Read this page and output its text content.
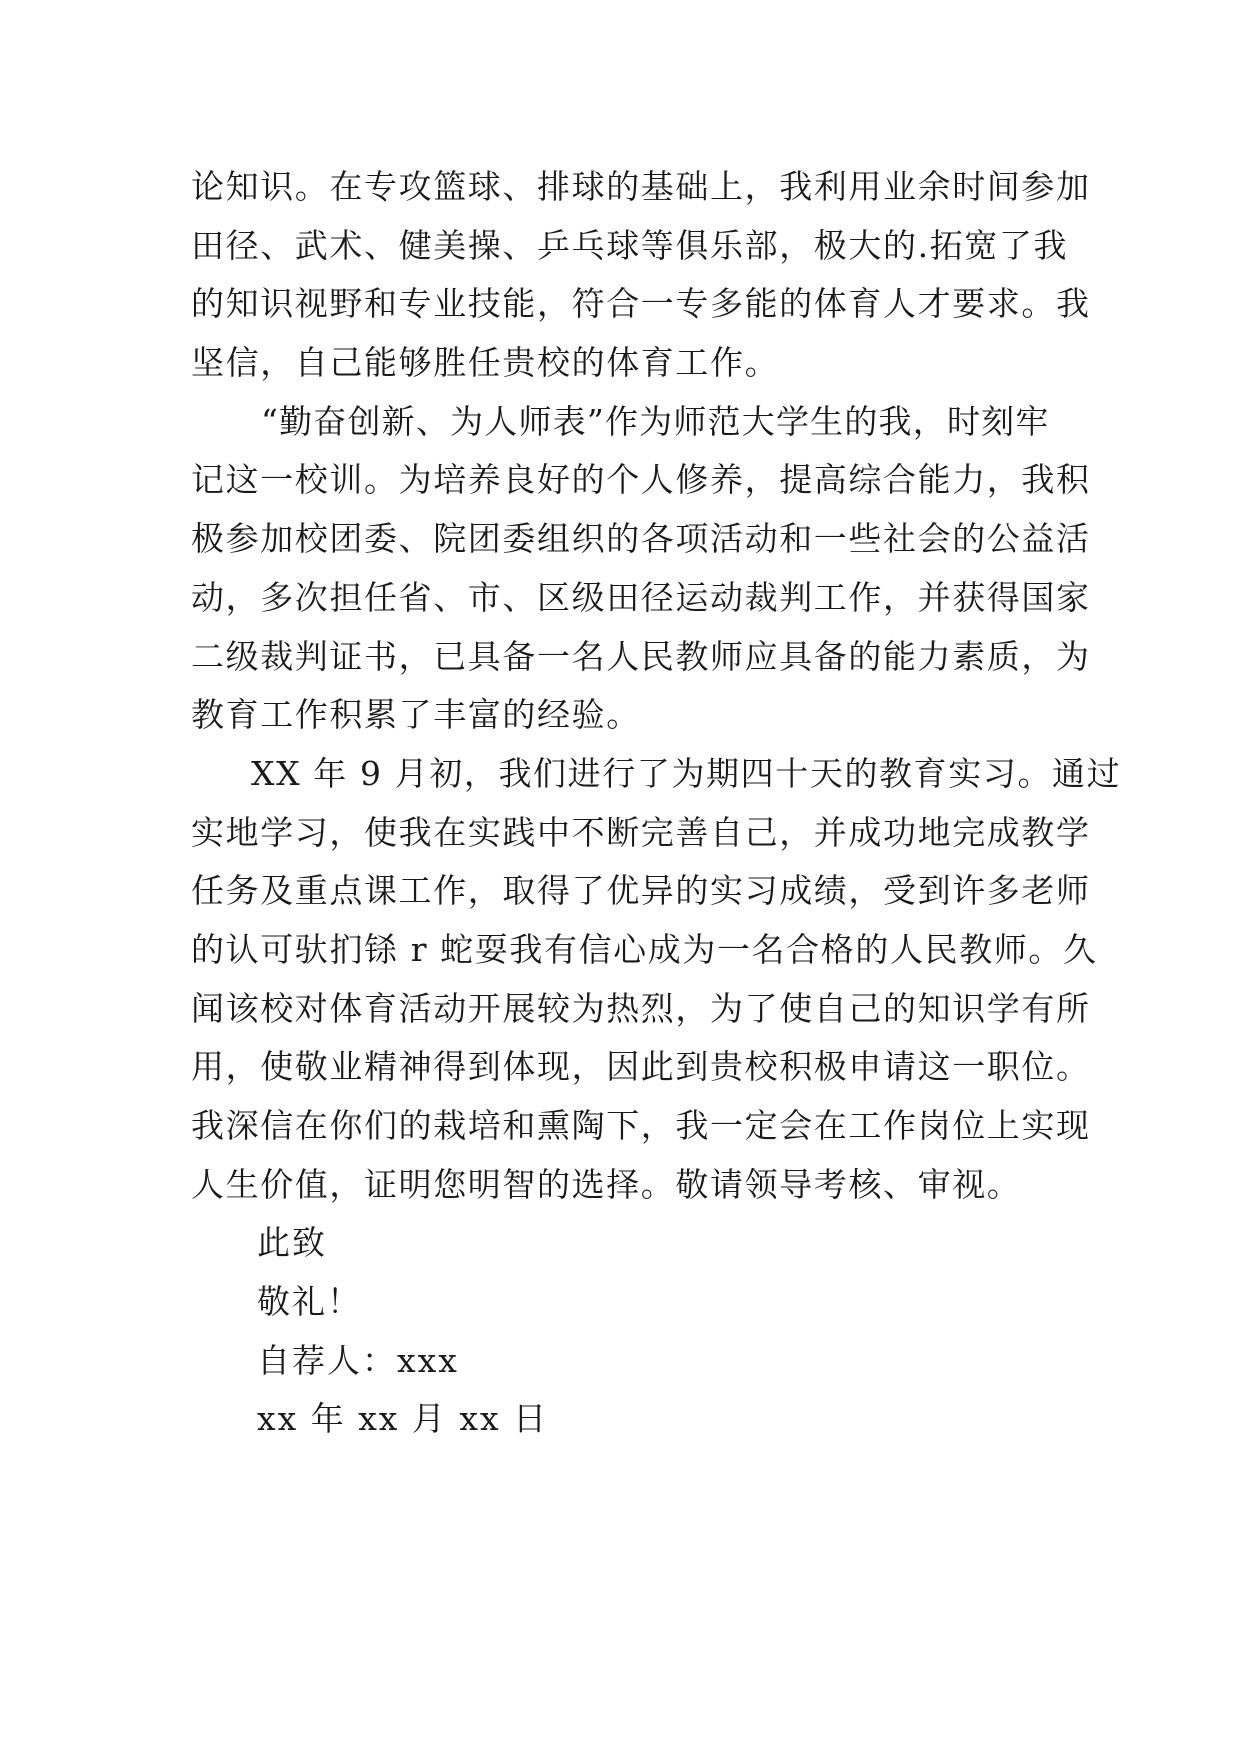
论知识。在专攻篮球、排球的基础上，我利用业余时间参加
田径、武术、健美操、乒乓球等俱乐部，极大的.拓宽了我
的知识视野和专业技能，符合一专多能的体育人才要求。我
坚信，自己能够胜任贵校的体育工作。
“勤奋创新、为人师表”作为师范大学生的我，时刻牢
记这一校训。为培养良好的个人修养，提高综合能力，我积
极参加校团委、院团委组织的各项活动和一些社会的公益活
动，多次担任省、市、区级田径运动裁判工作，并获得国家
二级裁判证书，已具备一名人民教师应具备的能力素质，为
教育工作积累了丰富的经验。
XX 年 9 月初，我们进行了为期四十天的教育实习。通过
实地学习，使我在实践中不断完善自己，并成功地完成教学
任务及重点课工作，取得了优异的实习成绩，受到许多老师
的认可驮扪铩 r 蛇耍我有信心成为一名合格的人民教师。久
闻该校对体育活动开展较为热烈，为了使自己的知识学有所
用，使敬业精神得到体现，因此到贵校积极申请这一职位。
我深信在你们的栽培和熏陶下，我一定会在工作岗位上实现
人生价值，证明您明智的选择。敬请领导考核、审视。
此致
敬礼！
自荐人：xxx
xx 年 xx 月 xx 日
